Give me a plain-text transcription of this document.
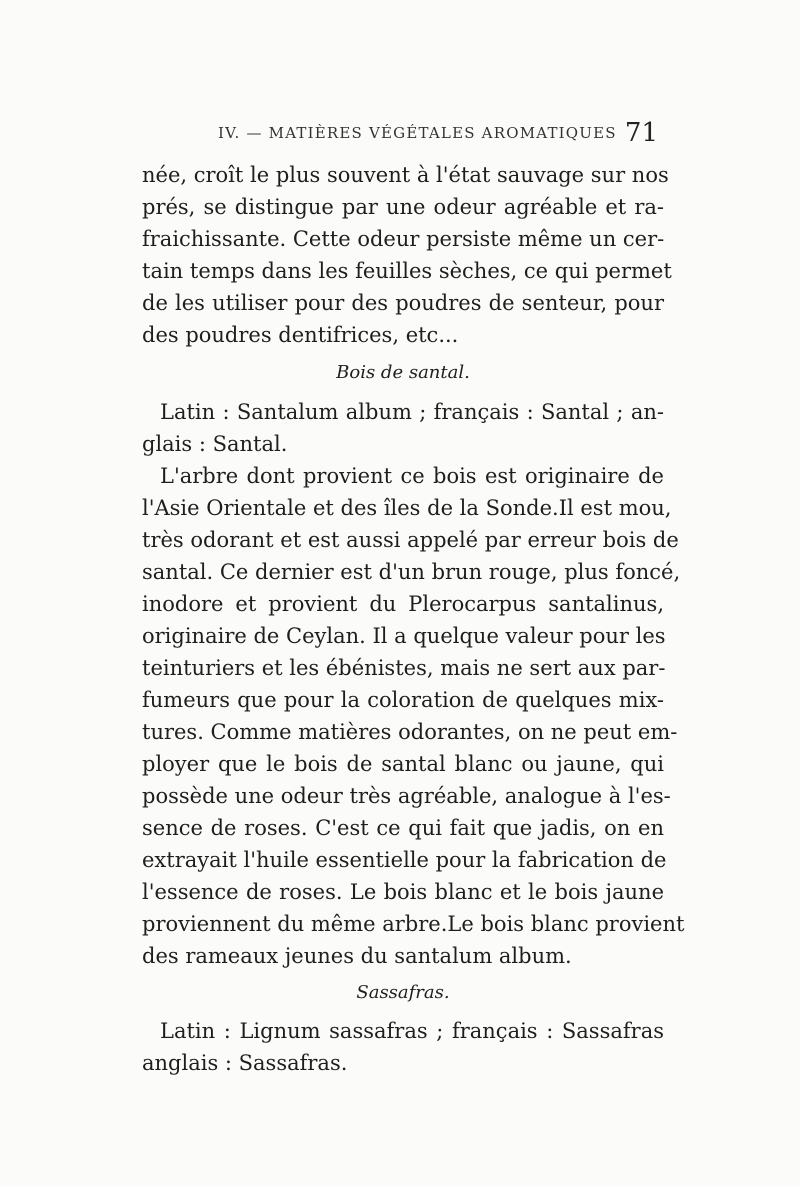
IV. — MATIÈRES VÉGÉTALES AROMATIQUES 71
née, croît le plus souvent à l'état sauvage sur nos
prés, se distingue par une odeur agréable et ra-
fraichissante. Cette odeur persiste même un cer-
tain temps dans les feuilles sèches, ce qui permet
de les utiliser pour des poudres de senteur, pour
des poudres dentifrices, etc...
Bois de santal.
Latin : Santalum album ; français : Santal ; an-
glais : Santal.
L'arbre dont provient ce bois est originaire de
l'Asie Orientale et des îles de la Sonde.Il est mou,
très odorant et est aussi appelé par erreur bois de
santal. Ce dernier est d'un brun rouge, plus foncé,
inodore et provient du Plerocarpus santalinus,
originaire de Ceylan. Il a quelque valeur pour les
teinturiers et les ébénistes, mais ne sert aux par-
fumeurs que pour la coloration de quelques mix-
tures. Comme matières odorantes, on ne peut em-
ployer que le bois de santal blanc ou jaune, qui
possède une odeur très agréable, analogue à l'es-
sence de roses. C'est ce qui fait que jadis, on en
extrayait l'huile essentielle pour la fabrication de
l'essence de roses. Le bois blanc et le bois jaune
proviennent du même arbre.Le bois blanc provient
des rameaux jeunes du santalum album.
Sassafras.
Latin : Lignum sassafras ; français : Sassafras
anglais : Sassafras.
